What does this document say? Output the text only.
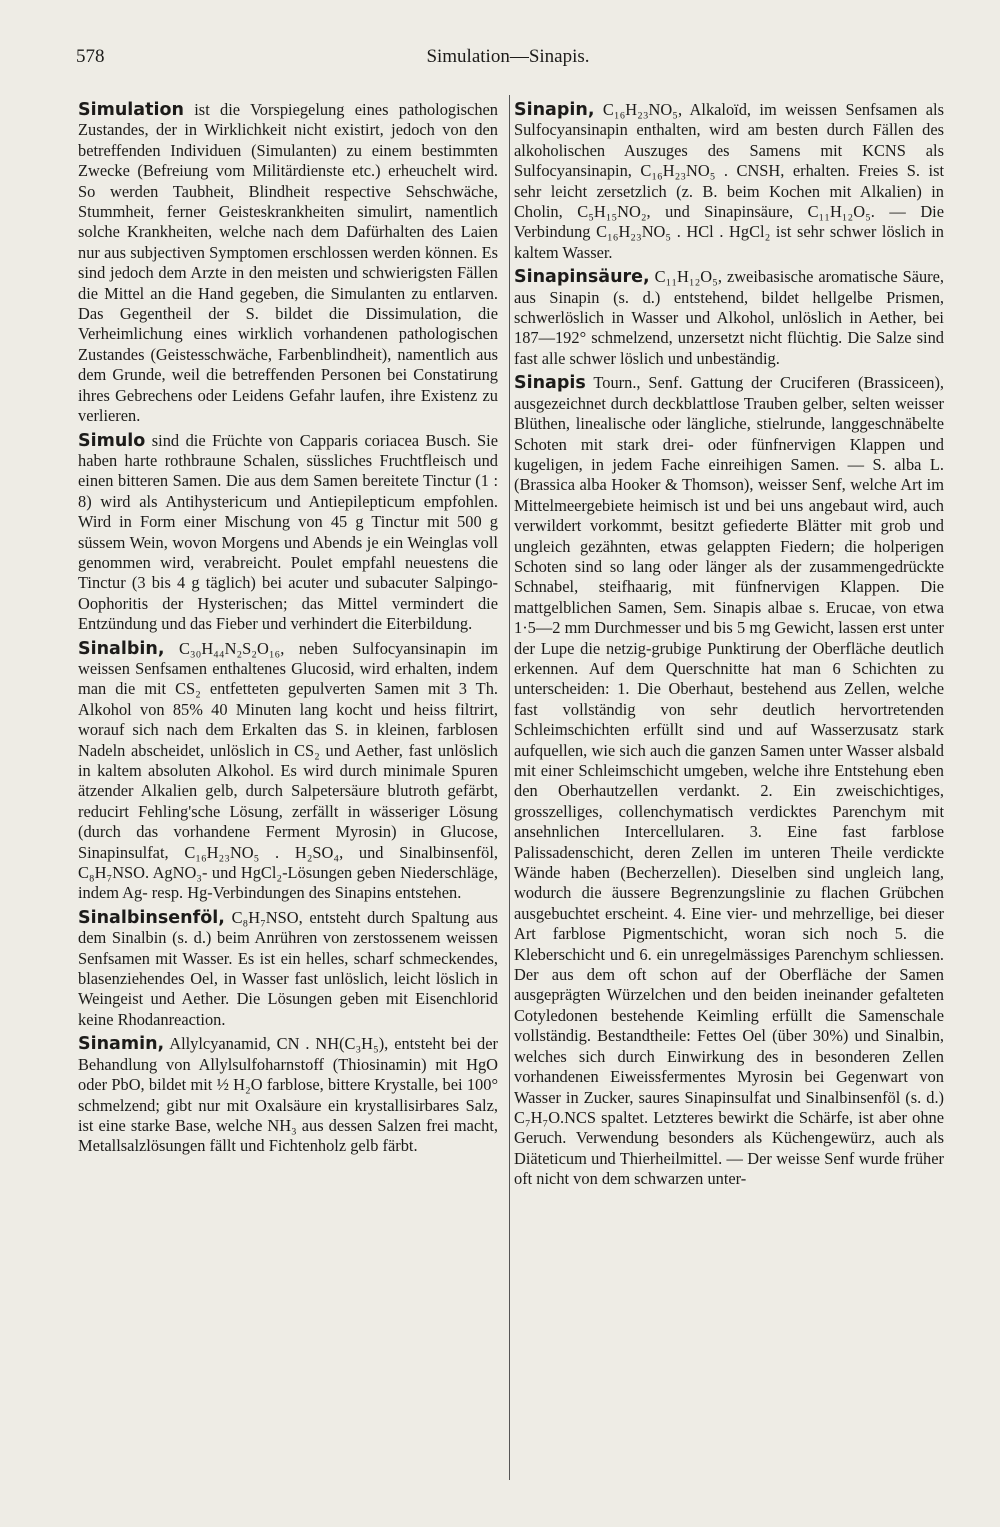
578	Simulation—Sinapis.

Simulation ist die Vorspiegelung eines pathologischen Zustandes, der in Wirklichkeit nicht existirt, jedoch von den betreffenden Individuen (Simulanten) zu einem bestimmten Zwecke (Befreiung vom Militärdienste etc.) erheuchelt wird. So werden Taubheit, Blindheit respective Sehschwäche, Stummheit, ferner Geisteskrankheiten simulirt, namentlich solche Krankheiten, welche nach dem Dafürhalten des Laien nur aus subjectiven Symptomen erschlossen werden können. Es sind jedoch dem Arzte in den meisten und schwierigsten Fällen die Mittel an die Hand gegeben, die Simulanten zu entlarven. Das Gegentheil der S. bildet die Dissimulation, die Verheimlichung eines wirklich vorhandenen pathologischen Zustandes (Geistesschwäche, Farbenblindheit), namentlich aus dem Grunde, weil die betreffenden Personen bei Constatirung ihres Gebrechens oder Leidens Gefahr laufen, ihre Existenz zu verlieren.

Simulo sind die Früchte von Capparis coriacea Busch. Sie haben harte rothbraune Schalen, süssliches Fruchtfleisch und einen bitteren Samen. Die aus dem Samen bereitete Tinctur (1 : 8) wird als Antihystericum und Antiepilepticum empfohlen. Wird in Form einer Mischung von 45 g Tinctur mit 500 g süssem Wein, wovon Morgens und Abends je ein Weinglas voll genommen wird, verabreicht. Poulet empfahl neuestens die Tinctur (3 bis 4 g täglich) bei acuter und subacuter Salpingo-Oophoritis der Hysterischen; das Mittel vermindert die Entzündung und das Fieber und verhindert die Eiterbildung.

Sinalbin, C₃₀H₄₄N₂S₂O₁₆, neben Sulfocyansinapin im weissen Senfsamen enthaltenes Glucosid, wird erhalten, indem man die mit CS₂ entfetteten gepulverten Samen mit 3 Th. Alkohol von 85% 40 Minuten lang kocht und heiss filtrirt, worauf sich nach dem Erkalten das S. in kleinen, farblosen Nadeln abscheidet, unlöslich in CS₂ und Aether, fast unlöslich in kaltem absoluten Alkohol. Es wird durch minimale Spuren ätzender Alkalien gelb, durch Salpetersäure blutroth gefärbt, reducirt Fehling'sche Lösung, zerfällt in wässeriger Lösung (durch das vorhandene Ferment Myrosin) in Glucose, Sinapinsulfat, C₁₆H₂₃NO₅ . H₂SO₄, und Sinalbinsenföl, C₈H₇NSO. AgNO₃- und HgCl₂-Lösungen geben Niederschläge, indem Ag- resp. Hg-Verbindungen des Sinapins entstehen.

Sinalbinsenföl, C₈H₇NSO, entsteht durch Spaltung aus dem Sinalbin (s. d.) beim Anrühren von zerstossenem weissen Senfsamen mit Wasser. Es ist ein helles, scharf schmeckendes, blasenziehendes Oel, in Wasser fast unlöslich, leicht löslich in Weingeist und Aether. Die Lösungen geben mit Eisenchlorid keine Rhodanreaction.

Sinamin, Allylcyanamid, CN . NH(C₃H₅), entsteht bei der Behandlung von Allylsulfoharnstoff (Thiosinamin) mit HgO oder PbO, bildet mit ½ H₂O farblose, bittere Krystalle, bei 100° schmelzend; gibt nur mit Oxalsäure ein krystallisirbares Salz, ist eine starke Base, welche NH₃ aus dessen Salzen frei macht, Metallsalzlösungen fällt und Fichtenholz gelb färbt.

Sinapin, C₁₆H₂₃NO₅, Alkaloïd, im weissen Senfsamen als Sulfocyansinapin enthalten, wird am besten durch Fällen des alkoholischen Auszuges des Samens mit KCNS als Sulfocyansinapin, C₁₆H₂₃NO₅ . CNSH, erhalten. Freies S. ist sehr leicht zersetzlich (z. B. beim Kochen mit Alkalien) in Cholin, C₅H₁₅NO₂, und Sinapinsäure, C₁₁H₁₂O₅. — Die Verbindung C₁₆H₂₃NO₅ . HCl . HgCl₂ ist sehr schwer löslich in kaltem Wasser.

Sinapinsäure, C₁₁H₁₂O₅, zweibasische aromatische Säure, aus Sinapin (s. d.) entstehend, bildet hellgelbe Prismen, schwerlöslich in Wasser und Alkohol, unlöslich in Aether, bei 187—192° schmelzend, unzersetzt nicht flüchtig. Die Salze sind fast alle schwer löslich und unbeständig.

Sinapis Tourn., Senf. Gattung der Cruciferen (Brassiceen), ausgezeichnet durch deckblattlose Trauben gelber, selten weisser Blüthen, linealische oder längliche, stielrunde, langgeschnäbelte Schoten mit stark drei- oder fünfnervigen Klappen und kugeligen, in jedem Fache einreihigen Samen. — S. alba L. (Brassica alba Hooker & Thomson), weisser Senf, welche Art im Mittelmeergebiete heimisch ist und bei uns angebaut wird, auch verwildert vorkommt, besitzt gefiederte Blätter mit grob und ungleich gezähnten, etwas gelappten Fiedern; die holperigen Schoten sind so lang oder länger als der zusammengedrückte Schnabel, steifhaarig, mit fünfnervigen Klappen. Die mattgelblichen Samen, Sem. Sinapis albae s. Erucae, von etwa 1·5—2 mm Durchmesser und bis 5 mg Gewicht, lassen erst unter der Lupe die netzig-grubige Punktirung der Oberfläche deutlich erkennen. Auf dem Querschnitte hat man 6 Schichten zu unterscheiden: 1. Die Oberhaut, bestehend aus Zellen, welche fast vollständig von sehr deutlich hervortretenden Schleimschichten erfüllt sind und auf Wasserzusatz stark aufquellen, wie sich auch die ganzen Samen unter Wasser alsbald mit einer Schleimschicht umgeben, welche ihre Entstehung eben den Oberhautzellen verdankt. 2. Ein zweischichtiges, grosszelliges, collenchymatisch verdicktes Parenchym mit ansehnlichen Intercellularen. 3. Eine fast farblose Palissadenschicht, deren Zellen im unteren Theile verdickte Wände haben (Becherzellen). Dieselben sind ungleich lang, wodurch die äussere Begrenzungslinie zu flachen Grübchen ausgebuchtet erscheint. 4. Eine vier- und mehrzellige, bei dieser Art farblose Pigmentschicht, woran sich noch 5. die Kleberschicht und 6. ein unregelmässiges Parenchym schliessen. Der aus dem oft schon auf der Oberfläche der Samen ausgeprägten Würzelchen und den beiden ineinander gefalteten Cotyledonen bestehende Keimling erfüllt die Samenschale vollständig. Bestandtheile: Fettes Oel (über 30%) und Sinalbin, welches sich durch Einwirkung des in besonderen Zellen vorhandenen Eiweissfermentes Myrosin bei Gegenwart von Wasser in Zucker, saures Sinapinsulfat und Sinalbinsenföl (s. d.) C₇H₇O.NCS spaltet. Letzteres bewirkt die Schärfe, ist aber ohne Geruch. Verwendung besonders als Küchengewürz, auch als Diäteticum und Thierheilmittel. — Der weisse Senf wurde früher oft nicht von dem schwarzen unter-
